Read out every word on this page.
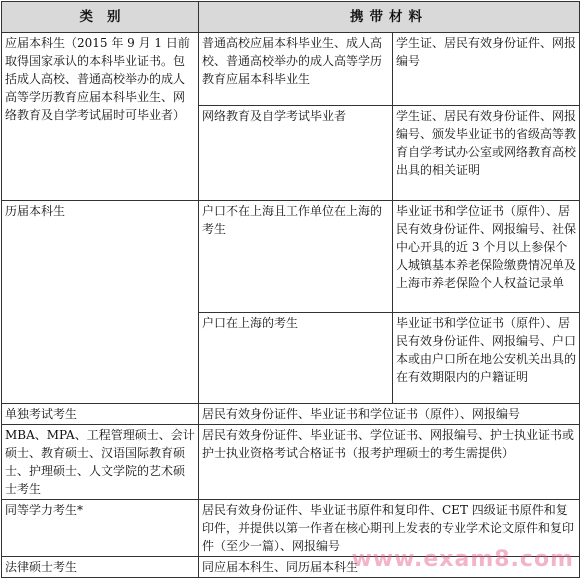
类别	携带材料	
应届本科生（2015 年 9 月 1 日前取得国家承认的本科毕业证书。包括成人高校、普通高校举办的成人高等学历教育应届本科毕业生、网络教育及自学考试届时可毕业者）	普通高校应届本科毕业生、成人高校、普通高校举办的成人高等学历教育应届本科毕业生	学生证、居民有效身份证件、网报编号
	网络教育及自学考试毕业者	学生证、居民有效身份证件、网报编号、颁发毕业证书的省级高等教育自学考试办公室或网络教育高校出具的相关证明
历届本科生	户口不在上海且工作单位在上海的考生	毕业证书和学位证书（原件）、居民有效身份证件、网报编号、社保中心开具的近 3 个月以上参保个人城镇基本养老保险缴费情况单及上海市养老保险个人权益记录单
	户口在上海的考生	毕业证书和学位证书（原件）、居民有效身份证件、网报编号、户口本或由户口所在地公安机关出具的在有效期限内的户籍证明
单独考试考生	居民有效身份证件、毕业证书和学位证书（原件）、网报编号	
MBA、MPA、工程管理硕士、会计硕士、教育硕士、汉语国际教育硕士、护理硕士、人文学院的艺术硕士考生	居民有效身份证件、毕业证书、学位证书、网报编号、护士执业证书或护士执业资格考试合格证书（报考护理硕士的考生需提供）	
同等学力考生*	居民有效身份证件、毕业证书原件和复印件、CET 四级证书原件和复印件，并提供以第一作者在核心期刊上发表的专业学术论文原件和复印件（至少一篇）、网报编号	
法律硕士考生	同应届本科生、同历届本科生	
www.exam8.com
